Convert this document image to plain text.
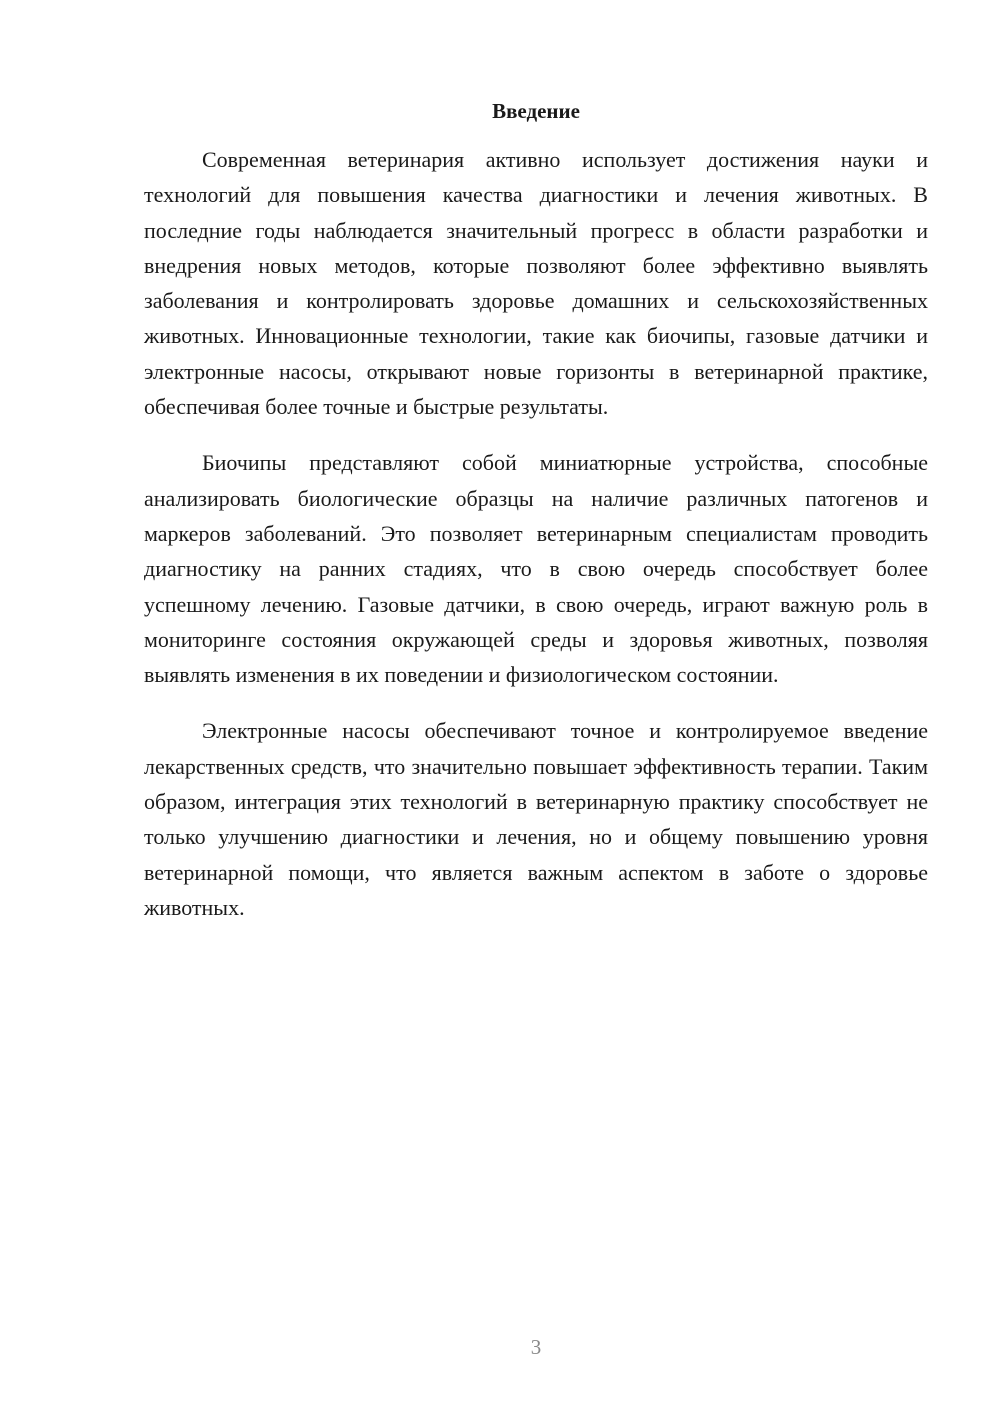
Введение

Современная ветеринария активно использует достижения науки и технологий для повышения качества диагностики и лечения животных. В последние годы наблюдается значительный прогресс в области разработки и внедрения новых методов, которые позволяют более эффективно выявлять заболевания и контролировать здоровье домашних и сельскохозяйственных животных. Инновационные технологии, такие как биочипы, газовые датчики и электронные насосы, открывают новые горизонты в ветеринарной практике, обеспечивая более точные и быстрые результаты.

Биочипы представляют собой миниатюрные устройства, способные анализировать биологические образцы на наличие различных патогенов и маркеров заболеваний. Это позволяет ветеринарным специалистам проводить диагностику на ранних стадиях, что в свою очередь способствует более успешному лечению. Газовые датчики, в свою очередь, играют важную роль в мониторинге состояния окружающей среды и здоровья животных, позволяя выявлять изменения в их поведении и физиологическом состоянии.

Электронные насосы обеспечивают точное и контролируемое введение лекарственных средств, что значительно повышает эффективность терапии. Таким образом, интеграция этих технологий в ветеринарную практику способствует не только улучшению диагностики и лечения, но и общему повышению уровня ветеринарной помощи, что является важным аспектом в заботе о здоровье животных.

3
